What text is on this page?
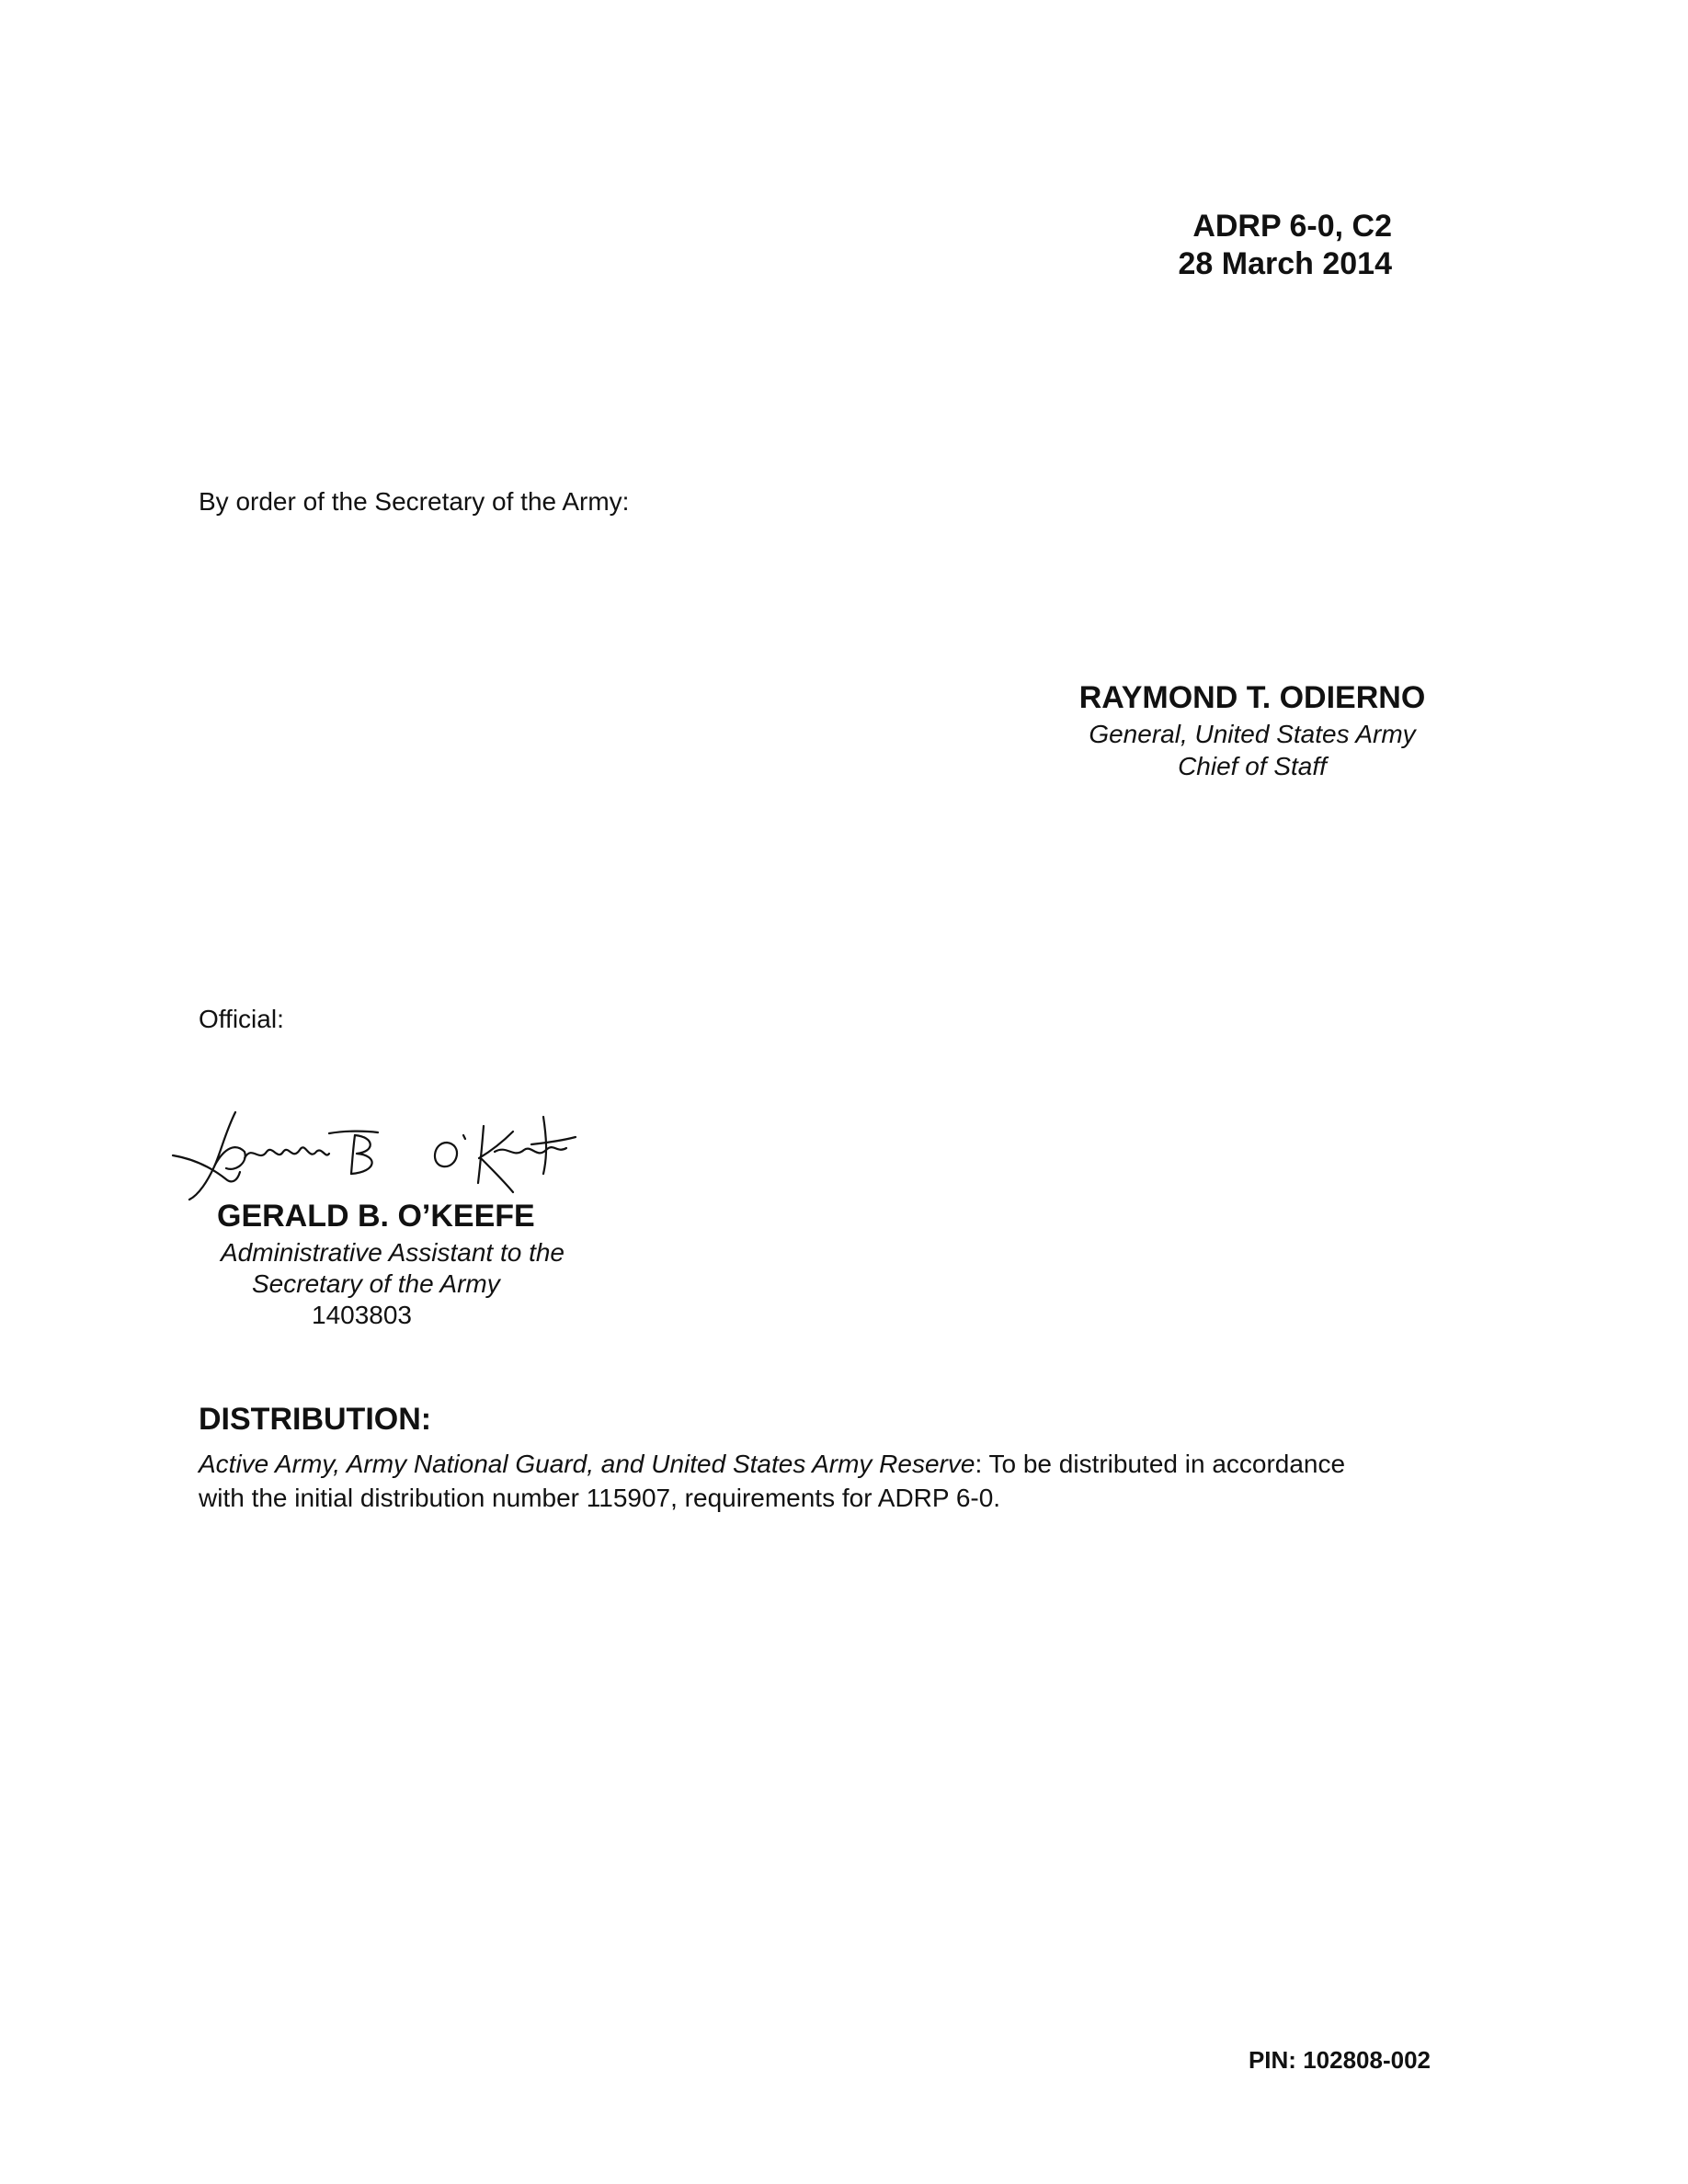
ADRP 6-0, C2
28 March 2014
By order of the Secretary of the Army:
RAYMOND T. ODIERNO
General, United States Army
Chief of Staff
Official:
GERALD B. O’KEEFE
Administrative Assistant to the
Secretary of the Army
1403803
DISTRIBUTION:
Active Army, Army National Guard, and United States Army Reserve: To be distributed in accordance
with the initial distribution number 115907, requirements for ADRP 6-0.
PIN: 102808-002
